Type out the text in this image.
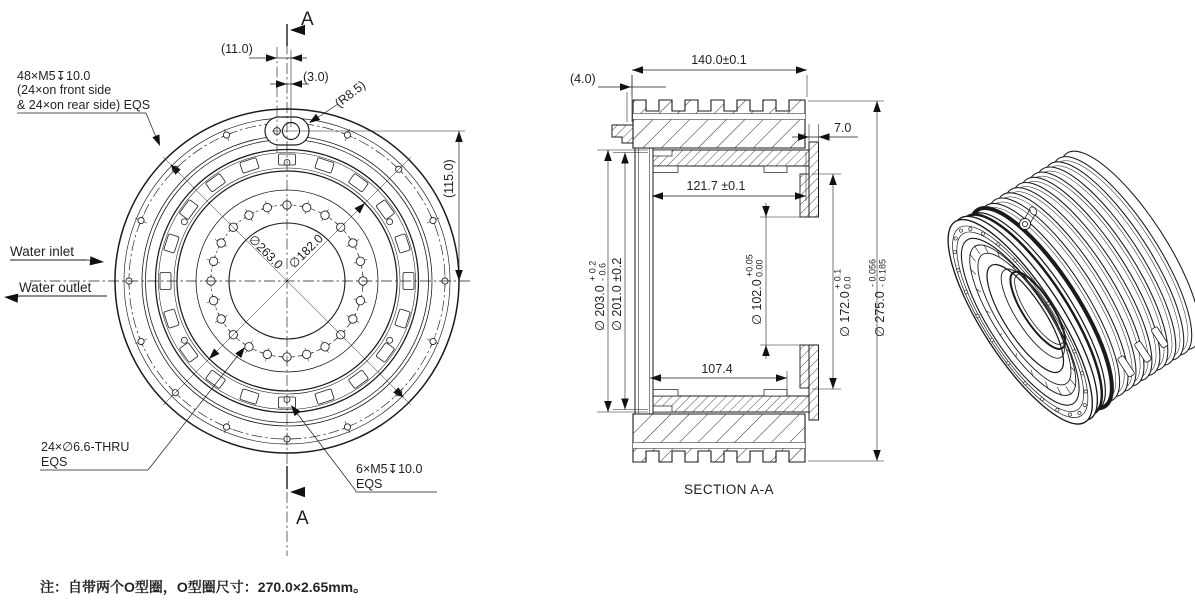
48×M5↧10.0
(24×on front side
& 24×on rear side) EQS
(11.0)
(3.0)
(R8.5)
(115.0)
∅263.0 ∅182.0
Water inlet
Water outlet
24×∅6.6-THRU
EQS	6×M5↧10.0
EQS
A
A
140.0±0.1
(4.0)
7.0
121.7 ±0.1
107.4
∅ 203.0
+ 0.2 - 0.6 ∅ 201.0 ±0.2	∅ 102.0
+0.05 0.00
∅ 172.0
+ 0.1 0.0
∅ 275.0
- 0.056 - 0.185
SECTION A-A
注：自带两个O型圈，O型圈尺寸：270.0×2.65mm。
